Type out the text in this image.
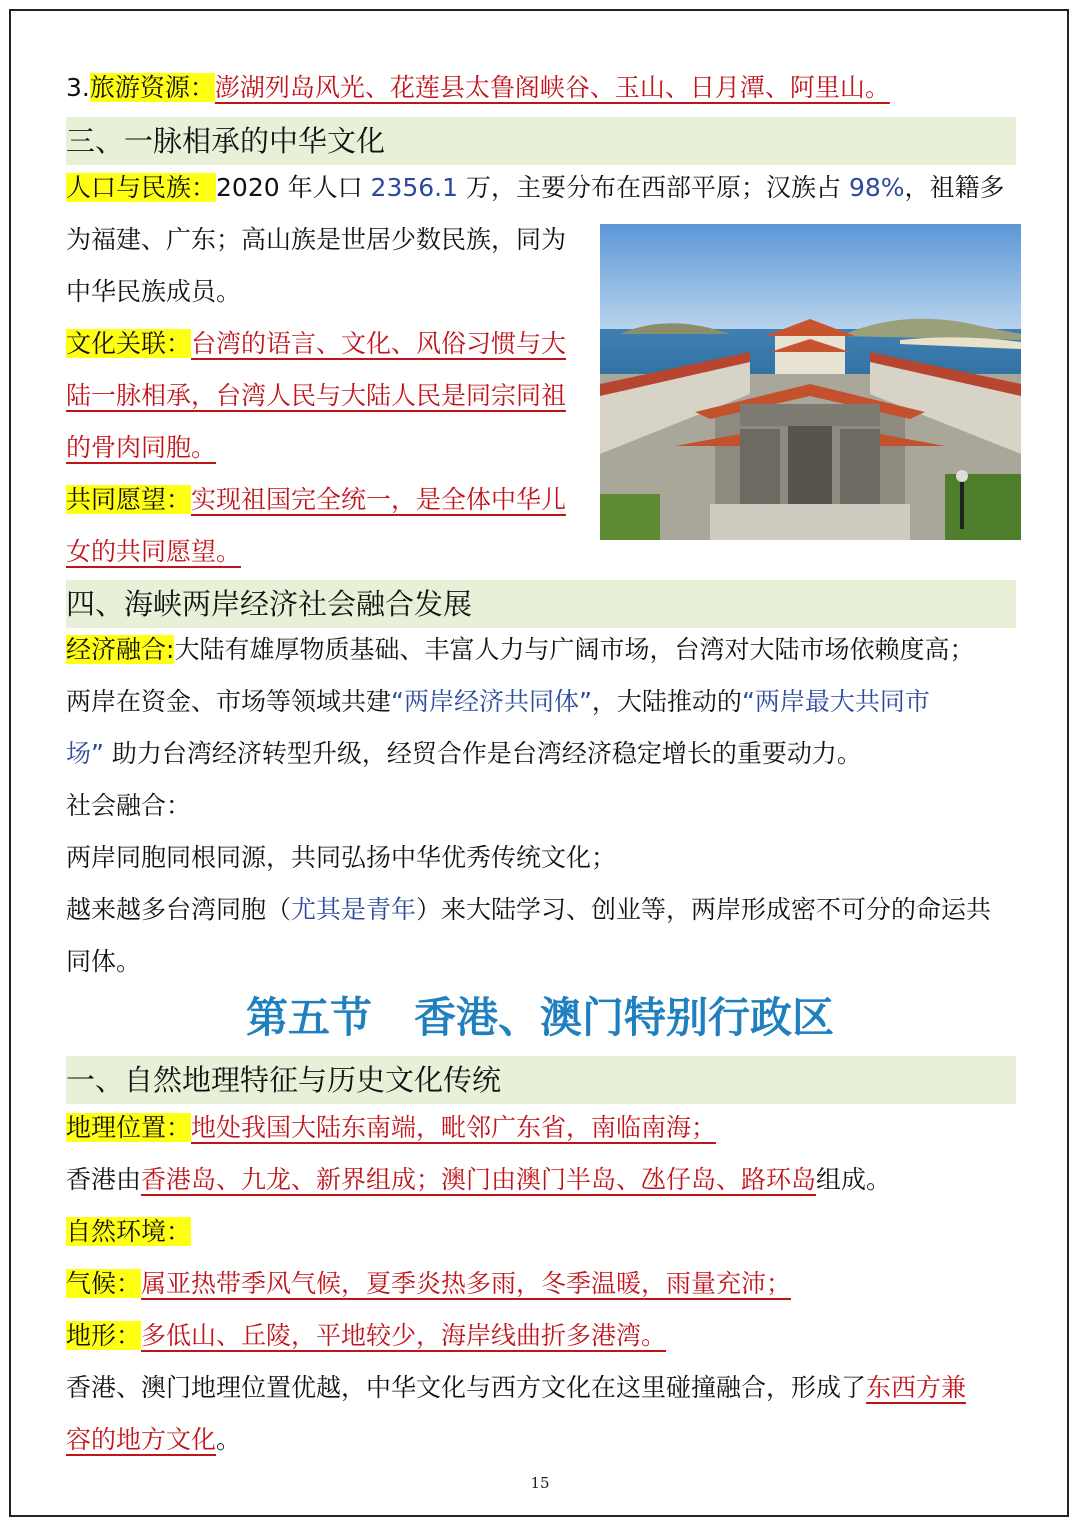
3.旅游资源：澎湖列岛风光、花莲县太鲁阁峡谷、玉山、日月潭、阿里山。
三、一脉相承的中华文化
人口与民族：2020 年人口 2356.1 万，主要分布在西部平原；汉族占 98%，祖籍多
为福建、广东；高山族是世居少数民族，同为
中华民族成员。
文化关联：台湾的语言、文化、风俗习惯与大
陆一脉相承，台湾人民与大陆人民是同宗同祖
的骨肉同胞。
共同愿望：实现祖国完全统一，是全体中华儿
女的共同愿望。
四、海峡两岸经济社会融合发展
经济融合:大陆有雄厚物质基础、丰富人力与广阔市场，台湾对大陆市场依赖度高；
两岸在资金、市场等领域共建“两岸经济共同体”，大陆推动的“两岸最大共同市
场” 助力台湾经济转型升级，经贸合作是台湾经济稳定增长的重要动力。
社会融合：
两岸同胞同根同源，共同弘扬中华优秀传统文化；
越来越多台湾同胞（尤其是青年）来大陆学习、创业等，两岸形成密不可分的命运共
同体。
第五节　香港、澳门特别行政区
一、自然地理特征与历史文化传统
地理位置：地处我国大陆东南端，毗邻广东省，南临南海；
香港由香港岛、九龙、新界组成；澳门由澳门半岛、氹仔岛、路环岛组成。
自然环境：
气候：属亚热带季风气候，夏季炎热多雨，冬季温暖，雨量充沛；
地形：多低山、丘陵，平地较少，海岸线曲折多港湾。
香港、澳门地理位置优越，中华文化与西方文化在这里碰撞融合，形成了东西方兼
容的地方文化。
15
